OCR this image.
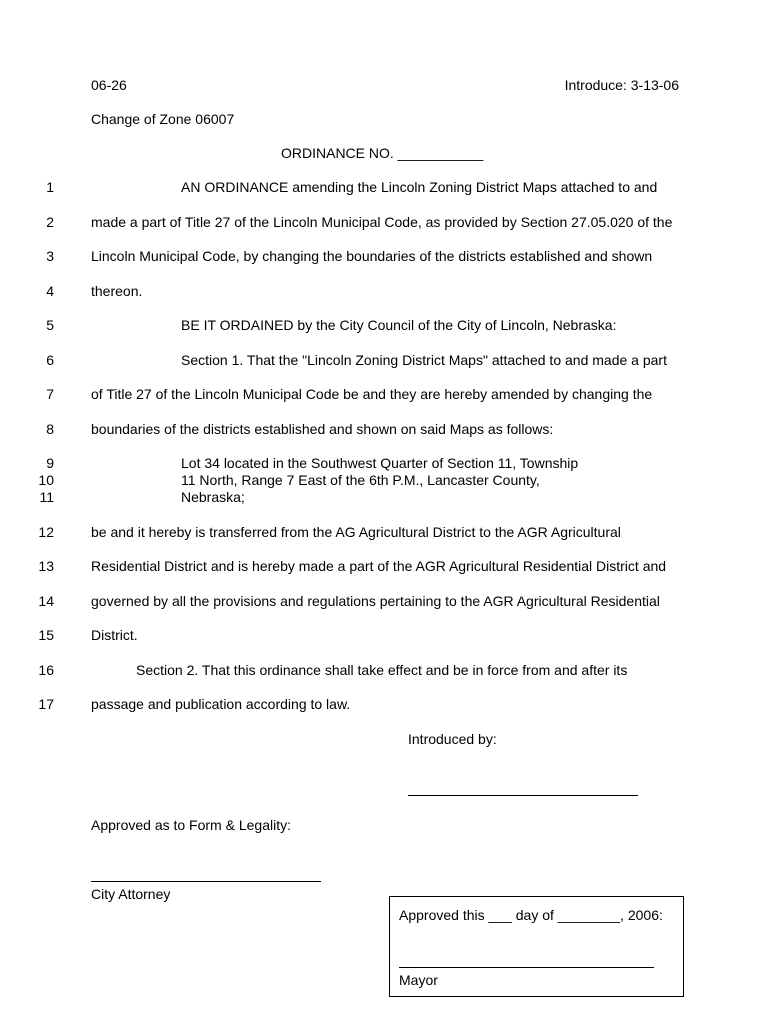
06-26	Introduce: 3-13-06
Change of Zone 06007
ORDINANCE NO. ___________
1
2
3
4
5
6
7
8
9
10
11
12
13
14
15
16
17
AN ORDINANCE amending the Lincoln Zoning District Maps attached to and
made a part of Title 27 of the Lincoln Municipal Code, as provided by Section 27.05.020 of the
Lincoln Municipal Code, by changing the boundaries of the districts established and shown
thereon.
BE IT ORDAINED by the City Council of the City of Lincoln, Nebraska:
Section 1. That the "Lincoln Zoning District Maps" attached to and made a part
of Title 27 of the Lincoln Municipal Code be and they are hereby amended by changing the
boundaries of the districts established and shown on said Maps as follows:
Lot 34 located in the Southwest Quarter of Section 11, Township
11 North, Range 7 East of the 6th P.M., Lancaster County,
Nebraska;
be and it hereby is transferred from the AG Agricultural District to the AGR Agricultural
Residential District and is hereby made a part of the AGR Agricultural Residential District and
governed by all the provisions and regulations pertaining to the AGR Agricultural Residential
District.
Section 2. That this ordinance shall take effect and be in force from and after its
passage and publication according to law.
Introduced by:
Approved as to Form & Legality:
City Attorney
Approved this ___ day of ________, 2006:
Mayor
